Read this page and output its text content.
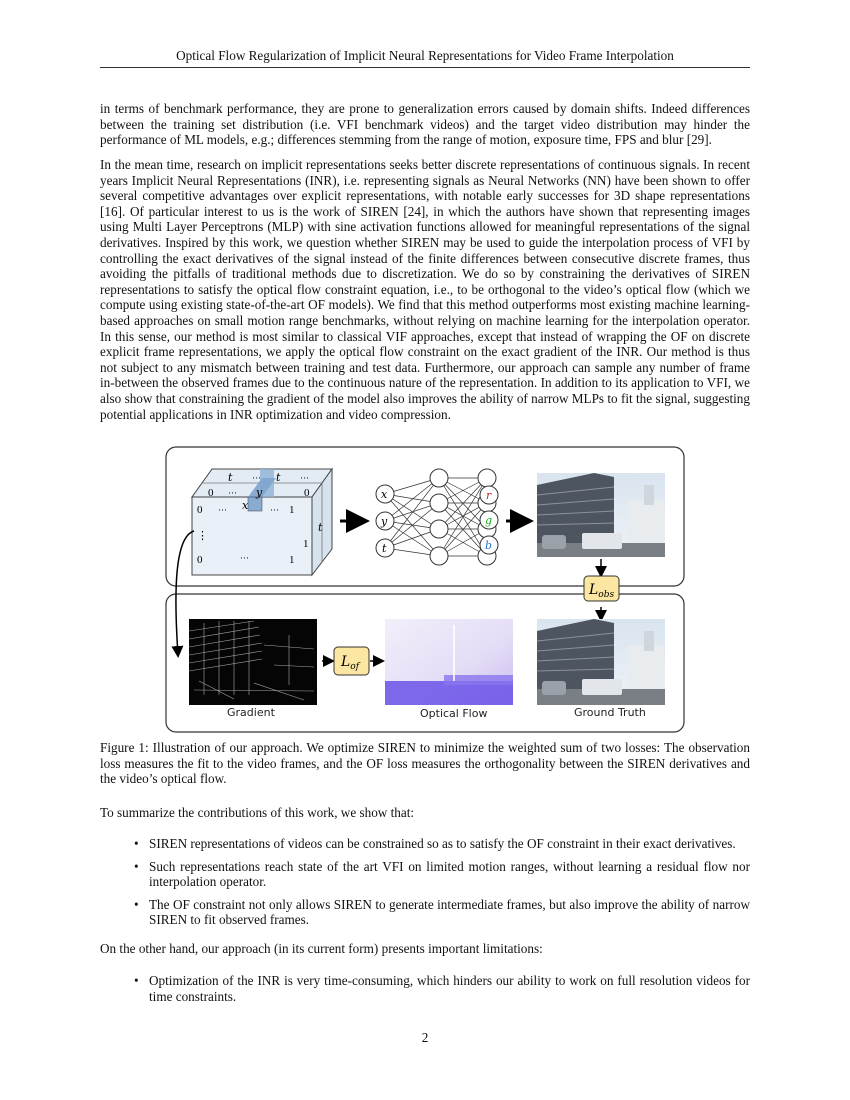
Optical Flow Regularization of Implicit Neural Representations for Video Frame Interpolation

in terms of benchmark performance, they are prone to generalization errors caused by domain shifts. Indeed differences between the training set distribution (i.e. VFI benchmark videos) and the target video distribution may hinder the performance of ML models, e.g.; differences stemming from the range of motion, exposure time, FPS and blur [29].

In the mean time, research on implicit representations seeks better discrete representations of continuous signals. In recent years Implicit Neural Representations (INR), i.e. representing signals as Neural Networks (NN) have been shown to offer several competitive advantages over explicit representations, with notable early successes for 3D shape representations [16]. Of particular interest to us is the work of SIREN [24], in which the authors have shown that representing images using Multi Layer Perceptrons (MLP) with sine activation functions allowed for meaningful representations of the signal derivatives. Inspired by this work, we question whether SIREN may be used to guide the interpolation process of VFI by controlling the exact derivatives of the signal instead of the finite differences between consecutive discrete frames, thus avoiding the pitfalls of traditional methods due to discretization. We do so by constraining the derivatives of SIREN representations to satisfy the optical flow constraint equation, i.e., to be orthogonal to the video’s optical flow (which we compute using existing state-of-the-art OF models). We find that this method outperforms most existing machine learning-based approaches on small motion range benchmarks, without relying on machine learning for the interpolation operator. In this sense, our method is most similar to classical VIF approaches, except that instead of wrapping the OF on discrete explicit frame representations, we apply the optical flow constraint on the exact gradient of the INR. Our method is thus not subject to any mismatch between training and test data. Furthermore, our approach can sample any number of frame in-between the observed frames due to the continuous nature of the representation. In addition to its application to VFI, we also show that constraining the gradient of the model also improves the ability of narrow MLPs to fit the signal, suggesting potential applications in INR optimization and video compression.

t ··· t ···
0 ··· y	0
0 ··· x ··· 1
t
⋮
1
0	···	1
x
y
t
r
g
b
$L_{obs}$
Gradient
$L_{of}$
Optical Flow	Ground Truth

Figure 1: Illustration of our approach. We optimize SIREN to minimize the weighted sum of two losses: The observation loss measures the fit to the video frames, and the OF loss measures the orthogonality between the SIREN derivatives and the video’s optical flow.

To summarize the contributions of this work, we show that:

• SIREN representations of videos can be constrained so as to satisfy the OF constraint in their exact derivatives.
• Such representations reach state of the art VFI on limited motion ranges, without learning a residual flow nor interpolation operator.
• The OF constraint not only allows SIREN to generate intermediate frames, but also improve the ability of narrow SIREN to fit observed frames.

On the other hand, our approach (in its current form) presents important limitations:

• Optimization of the INR is very time-consuming, which hinders our ability to work on full resolution videos for time constraints.
2
